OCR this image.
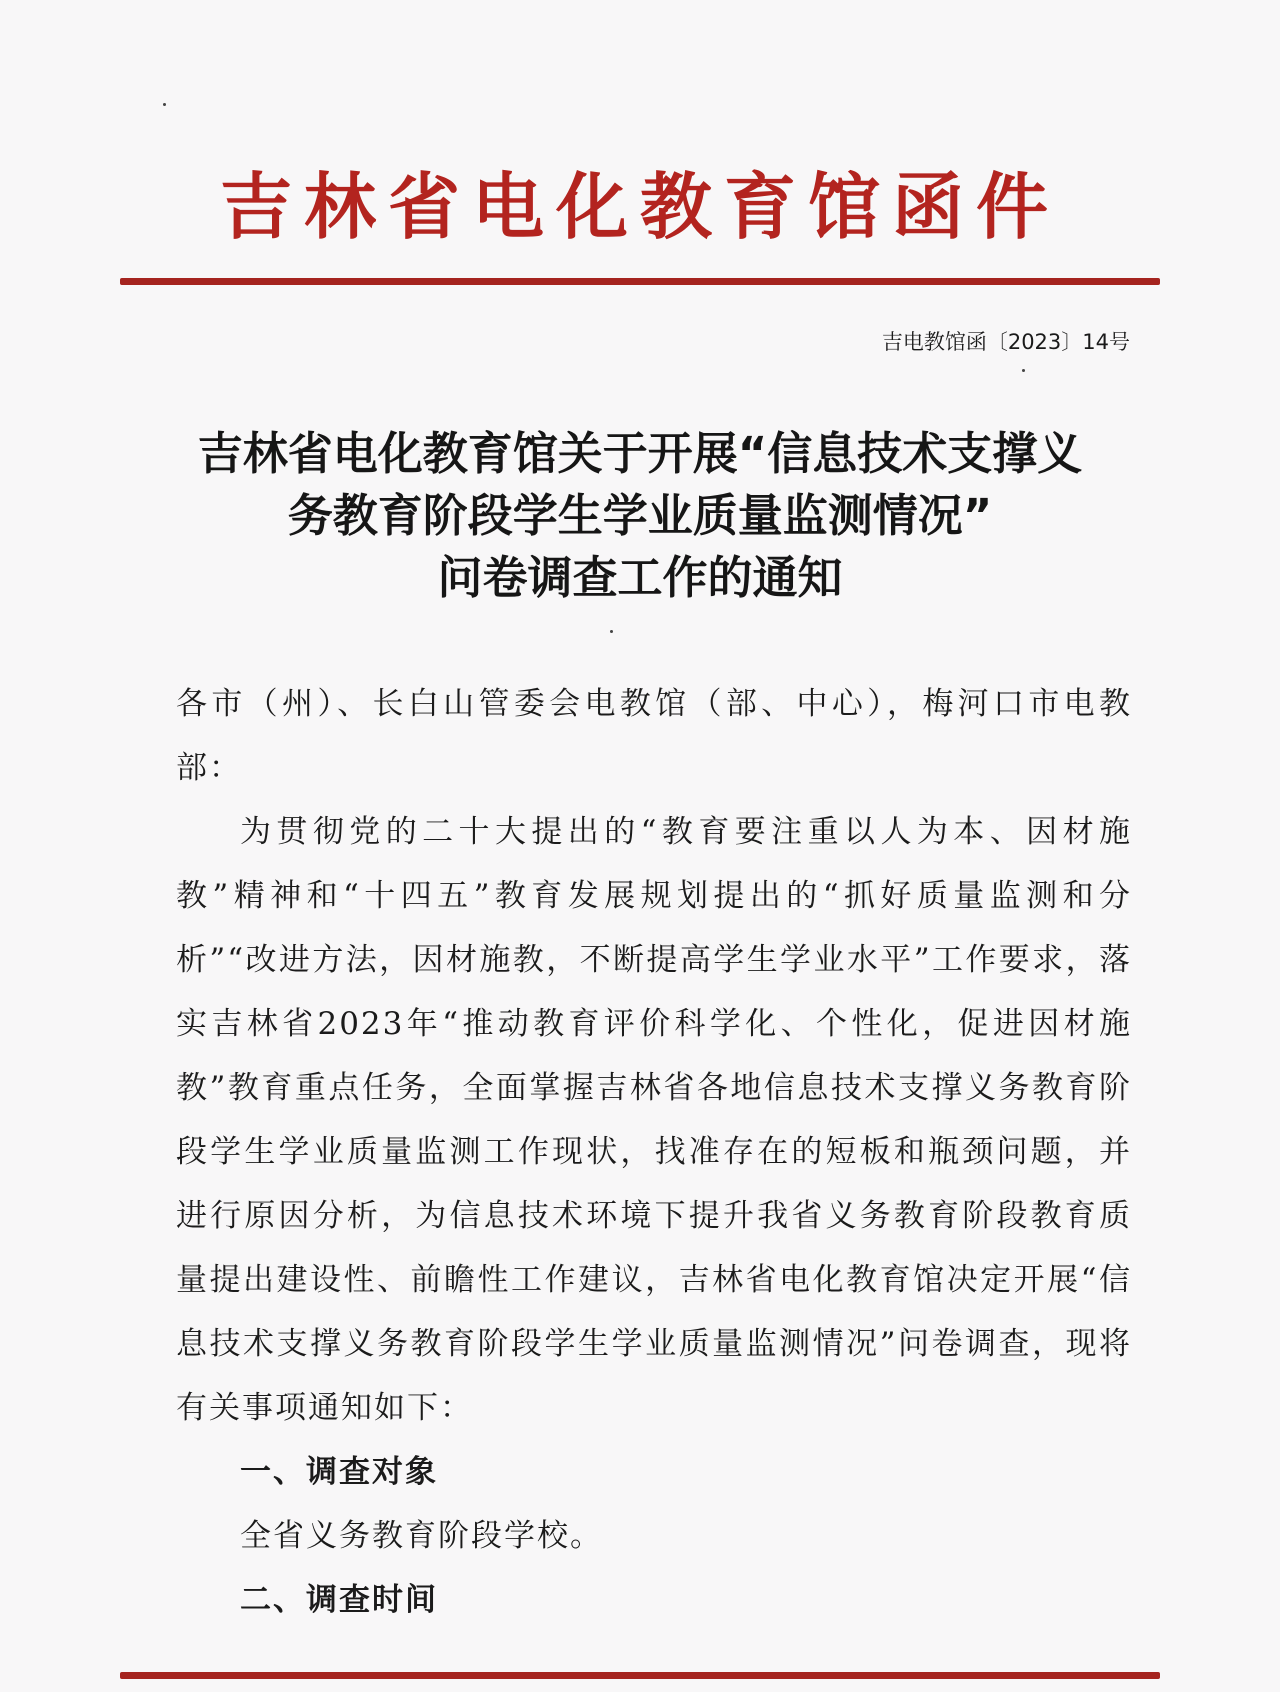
吉林省电化教育馆函件
吉电教馆函〔2023〕14号
吉林省电化教育馆关于开展“信息技术支撑义
务教育阶段学生学业质量监测情况”
问卷调查工作的通知

各市（州）、长白山管委会电教馆（部、中心），梅河口市电教部：

为贯彻党的二十大提出的“教育要注重以人为本、因材施教”精神和“十四五”教育发展规划提出的“抓好质量监测和分析”“改进方法，因材施教，不断提高学生学业水平”工作要求，落实吉林省2023年“推动教育评价科学化、个性化，促进因材施教”教育重点任务，全面掌握吉林省各地信息技术支撑义务教育阶段学生学业质量监测工作现状，找准存在的短板和瓶颈问题，并进行原因分析，为信息技术环境下提升我省义务教育阶段教育质量提出建设性、前瞻性工作建议，吉林省电化教育馆决定开展“信息技术支撑义务教育阶段学生学业质量监测情况”问卷调查，现将有关事项通知如下：

一、调查对象

全省义务教育阶段学校。

二、调查时间
